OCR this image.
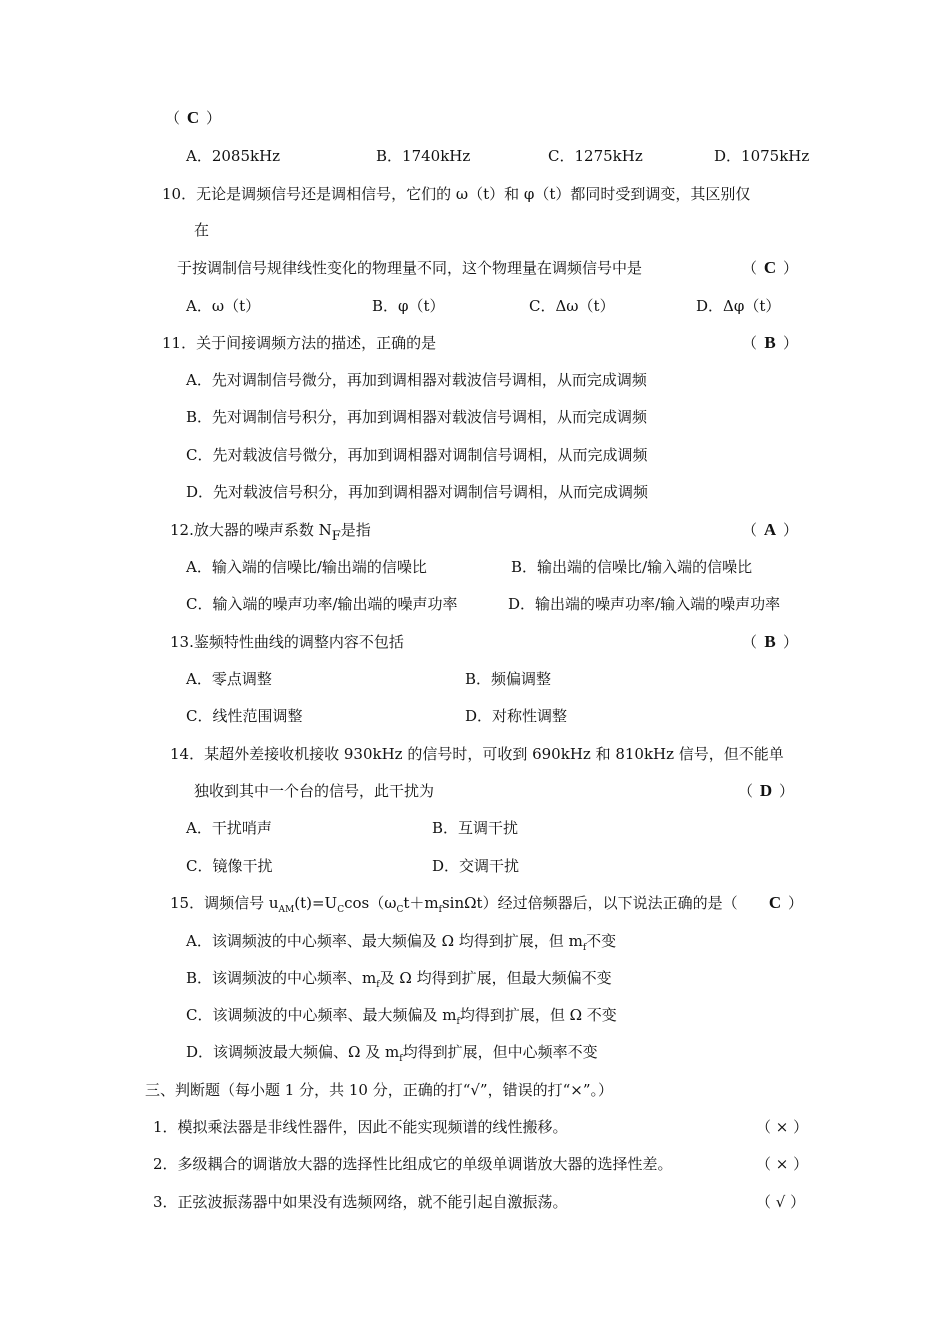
（ C ）
A．2085kHz	B．1740kHz	C．1275kHz	D．1075kHz
10．无论是调频信号还是调相信号，它们的 ω（t）和 φ（t）都同时受到调变，其区别仅
在
于按调制信号规律线性变化的物理量不同，这个物理量在调频信号中是	（ C ）
A．ω（t）	B．φ（t）	C．Δω（t）	D．Δφ（t）
11．关于间接调频方法的描述，正确的是	（ B ）
A．先对调制信号微分，再加到调相器对载波信号调相，从而完成调频
B．先对调制信号积分，再加到调相器对载波信号调相，从而完成调频
C．先对载波信号微分，再加到调相器对调制信号调相，从而完成调频
D．先对载波信号积分，再加到调相器对调制信号调相，从而完成调频
12.放大器的噪声系数 $N_F$是指	（ A ）
A．输入端的信噪比/输出端的信噪比	B．输出端的信噪比/输入端的信噪比
C．输入端的噪声功率/输出端的噪声功率	D．输出端的噪声功率/输入端的噪声功率
13.鉴频特性曲线的调整内容不包括	（ B ）
A．零点调整	B．频偏调整
C．线性范围调整	D．对称性调整
14．某超外差接收机接收 930kHz 的信号时，可收到 690kHz 和 810kHz 信号，但不能单
独收到其中一个台的信号，此干扰为	（ D ）
A．干扰哨声	B．互调干扰
C．镜像干扰	D．交调干扰
15．调频信号 $u_{AM}(t)=U_C\cos(\omega_Ct+m_f\sin\Omega t)$经过倍频器后，以下说法正确的是（	C ）
A．该调频波的中心频率、最大频偏及 Ω 均得到扩展，但 $m_f$不变
B．该调频波的中心频率、$m_f$及 Ω 均得到扩展，但最大频偏不变
C．该调频波的中心频率、最大频偏及 $m_f$均得到扩展，但 Ω 不变
D．该调频波最大频偏、Ω 及 $m_f$均得到扩展，但中心频率不变
三、判断题（每小题 1 分，共 10 分，正确的打“√”，错误的打“×”。）
1．模拟乘法器是非线性器件，因此不能实现频谱的线性搬移。	（ × ）
2．多级耦合的调谐放大器的选择性比组成它的单级单调谐放大器的选择性差。	（ × ）
3．正弦波振荡器中如果没有选频网络，就不能引起自激振荡。	（ √ ）
